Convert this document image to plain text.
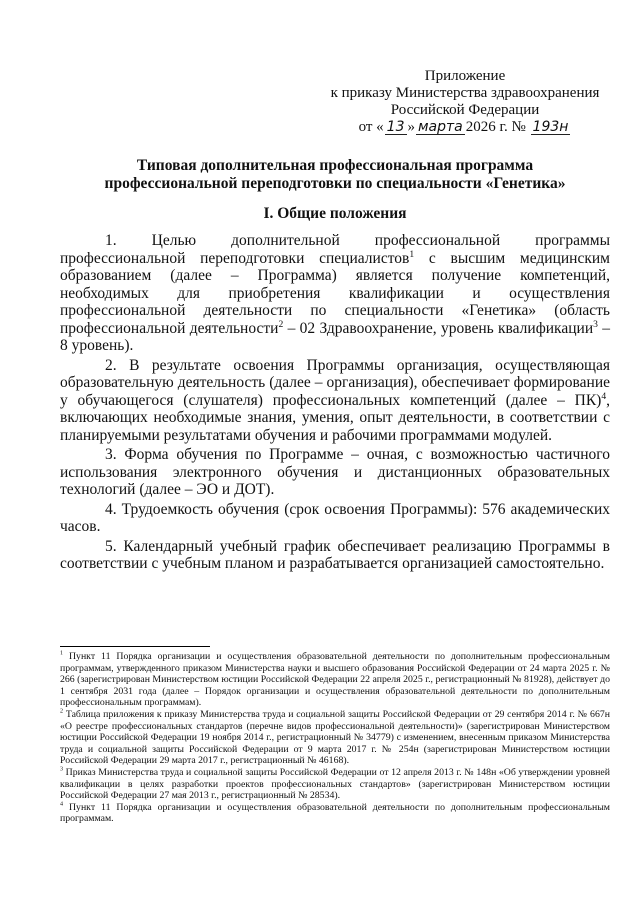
Приложение
к приказу Министерства здравоохранения
Российской Федерации
от « 13 » марта 2026 г. № 193н
Типовая дополнительная профессиональная программа
профессиональной переподготовки по специальности «Генетика»
I. Общие положения

1. Целью дополнительной профессиональной программы профессиональной переподготовки специалистов$^1$ с высшим медицинским образованием (далее – Программа) является получение компетенций, необходимых для приобретения квалификации и осуществления профессиональной деятельности по специальности «Генетика» (область профессиональной деятельности$^2$ – 02 Здравоохранение, уровень квалификации$^3$ – 8 уровень).

2. В результате освоения Программы организация, осуществляющая образовательную деятельность (далее – организация), обеспечивает формирование у обучающегося (слушателя) профессиональных компетенций (далее – ПК)$^4$, включающих необходимые знания, умения, опыт деятельности, в соответствии с планируемыми результатами обучения и рабочими программами модулей.

3. Форма обучения по Программе – очная, с возможностью частичного использования электронного обучения и дистанционных образовательных технологий (далее – ЭО и ДОТ).

4. Трудоемкость обучения (срок освоения Программы): 576 академических часов.

5. Календарный учебный график обеспечивает реализацию Программы в соответствии с учебным планом и разрабатывается организацией самостоятельно.

$^1$ Пункт 11 Порядка организации и осуществления образовательной деятельности по дополнительным профессиональным программам, утвержденного приказом Министерства науки и высшего образования Российской Федерации от 24 марта 2025 г. № 266 (зарегистрирован Министерством юстиции Российской Федерации 22 апреля 2025 г., регистрационный № 81928), действует до 1 сентября 2031 года (далее – Порядок организации и осуществления образовательной деятельности по дополнительным профессиональным программам).

$^2$ Таблица приложения к приказу Министерства труда и социальной защиты Российской Федерации от 29 сентября 2014 г. № 667н «О реестре профессиональных стандартов (перечне видов профессиональной деятельности)» (зарегистрирован Министерством юстиции Российской Федерации 19 ноября 2014 г., регистрационный № 34779) с изменением, внесенным приказом Министерства труда и социальной защиты Российской Федерации от 9 марта 2017 г. № 254н (зарегистрирован Министерством юстиции Российской Федерации 29 марта 2017 г., регистрационный № 46168).

$^3$ Приказ Министерства труда и социальной защиты Российской Федерации от 12 апреля 2013 г. № 148н «Об утверждении уровней квалификации в целях разработки проектов профессиональных стандартов» (зарегистрирован Министерством юстиции Российской Федерации 27 мая 2013 г., регистрационный № 28534).

$^4$ Пункт 11 Порядка организации и осуществления образовательной деятельности по дополнительным профессиональным программам.
